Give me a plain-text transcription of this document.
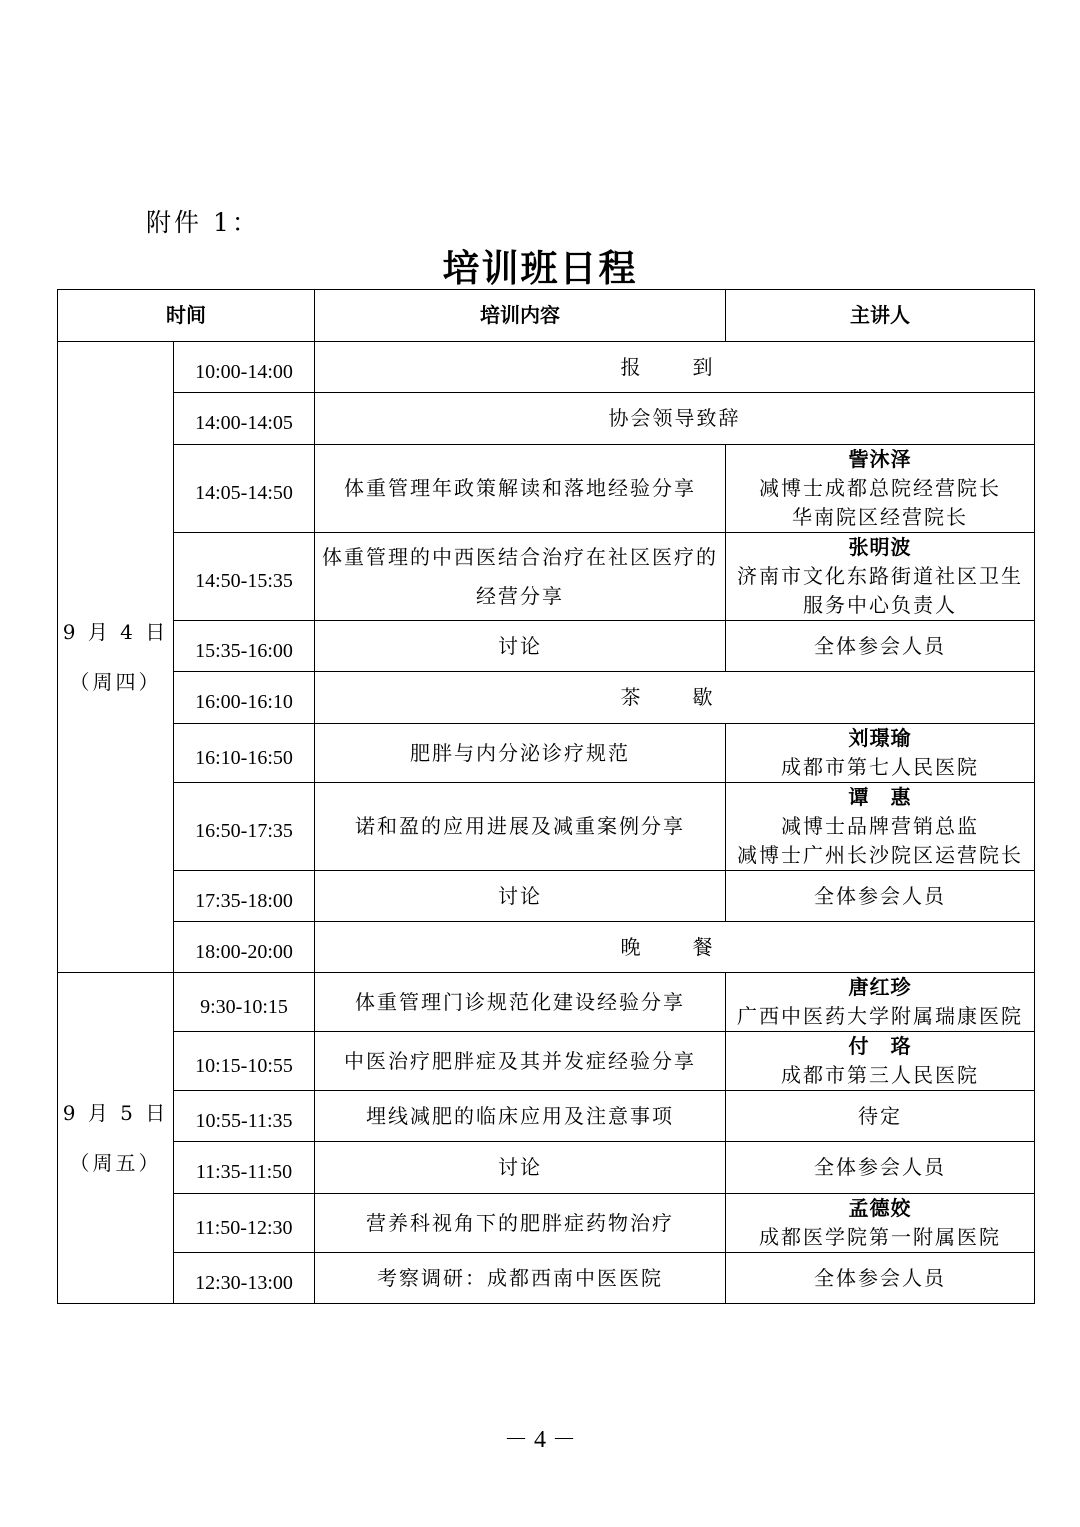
附件 1：
培训班日程
时间		培训内容	主讲人

9 月 4 日
（周四）	10:00-14:00	报　到	
	14:00-14:05	协会领导致辞	
	14:05-14:50	体重管理年政策解读和落地经验分享	訾沐泽
减博士成都总院经营院长
华南院区经营院长

	14:50-15:35	体重管理的中西医结合治疗在社区医疗的经营分享	张明波
济南市文化东路街道社区卫生服务中心负责人

	15:35-16:00	讨论	全体参会人员
	16:00-16:10	茶　歇	
	16:10-16:50	肥胖与内分泌诊疗规范	刘璟瑜
成都市第七人民医院

	16:50-17:35	诺和盈的应用进展及减重案例分享	谭　惠
减博士品牌营销总监
减博士广州长沙院区运营院长

	17:35-18:00	讨论	全体参会人员
	18:00-20:00	晚　餐	

9 月 5 日
（周五）	9:30-10:15	体重管理门诊规范化建设经验分享	唐红珍
广西中医药大学附属瑞康医院

	10:15-10:55	中医治疗肥胖症及其并发症经验分享	付　珞
成都市第三人民医院

	10:55-11:35	埋线减肥的临床应用及注意事项	待定
	11:35-11:50	讨论	全体参会人员
	11:50-12:30	营养科视角下的肥胖症药物治疗	孟德姣
成都医学院第一附属医院

	12:30-13:00	考察调研：成都西南中医医院	全体参会人员
－ 4 －
